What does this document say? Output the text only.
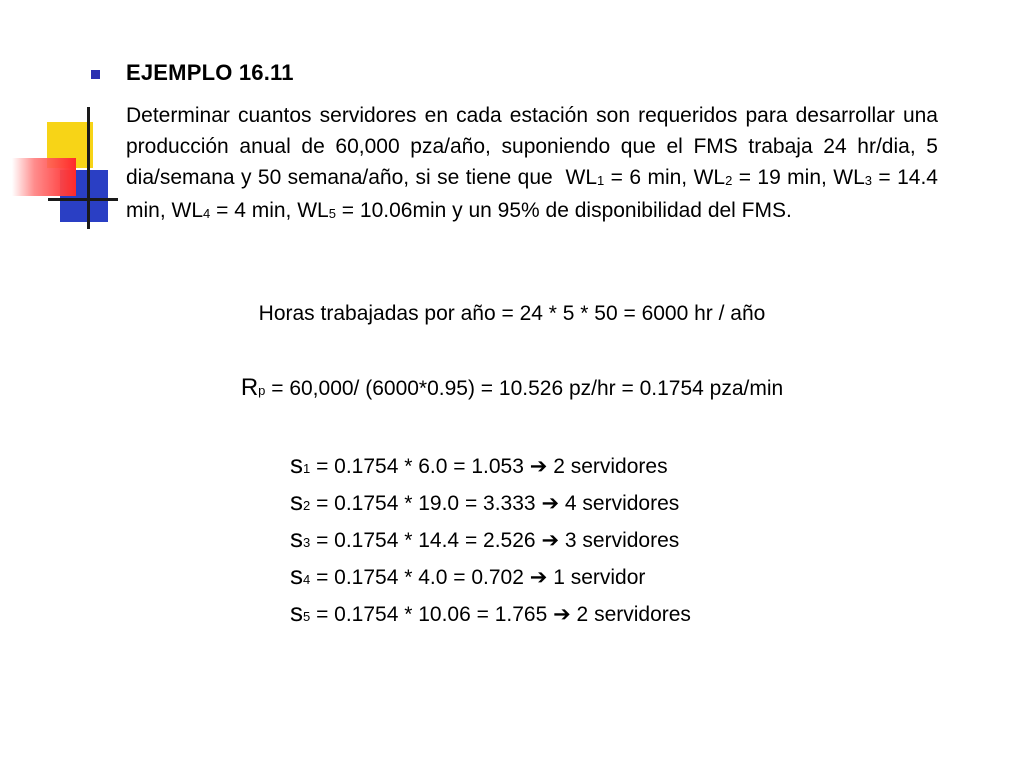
EJEMPLO 16.11
Determinar cuantos servidores en cada estación son requeridos para desarrollar una producción anual de 60,000 pza/año, suponiendo que el FMS trabaja 24 hr/dia, 5 dia/semana y 50 semana/año, si se tiene que $WL_1 = 6$ min, $WL_2 = 19$ min, $WL_3 = 14.4$ min, $WL_4 = 4$ min, $WL_5 = 10.06\min$ y un 95% de disponibilidad del FMS.
Horas trabajadas por año = 24 * 5 * 50 = 6000 hr / año
Rp = 60,000/ (6000*0.95) = 10.526 pz/hr = 0.1754 pza/min
s1 = 0.1754 * 6.0 = 1.053 ➔ 2 servidores
s2 = 0.1754 * 19.0 = 3.333 ➔ 4 servidores
s3 = 0.1754 * 14.4 = 2.526 ➔ 3 servidores
s4 = 0.1754 * 4.0 = 0.702 ➔ 1 servidor
s5 = 0.1754 * 10.06 = 1.765 ➔ 2 servidores
